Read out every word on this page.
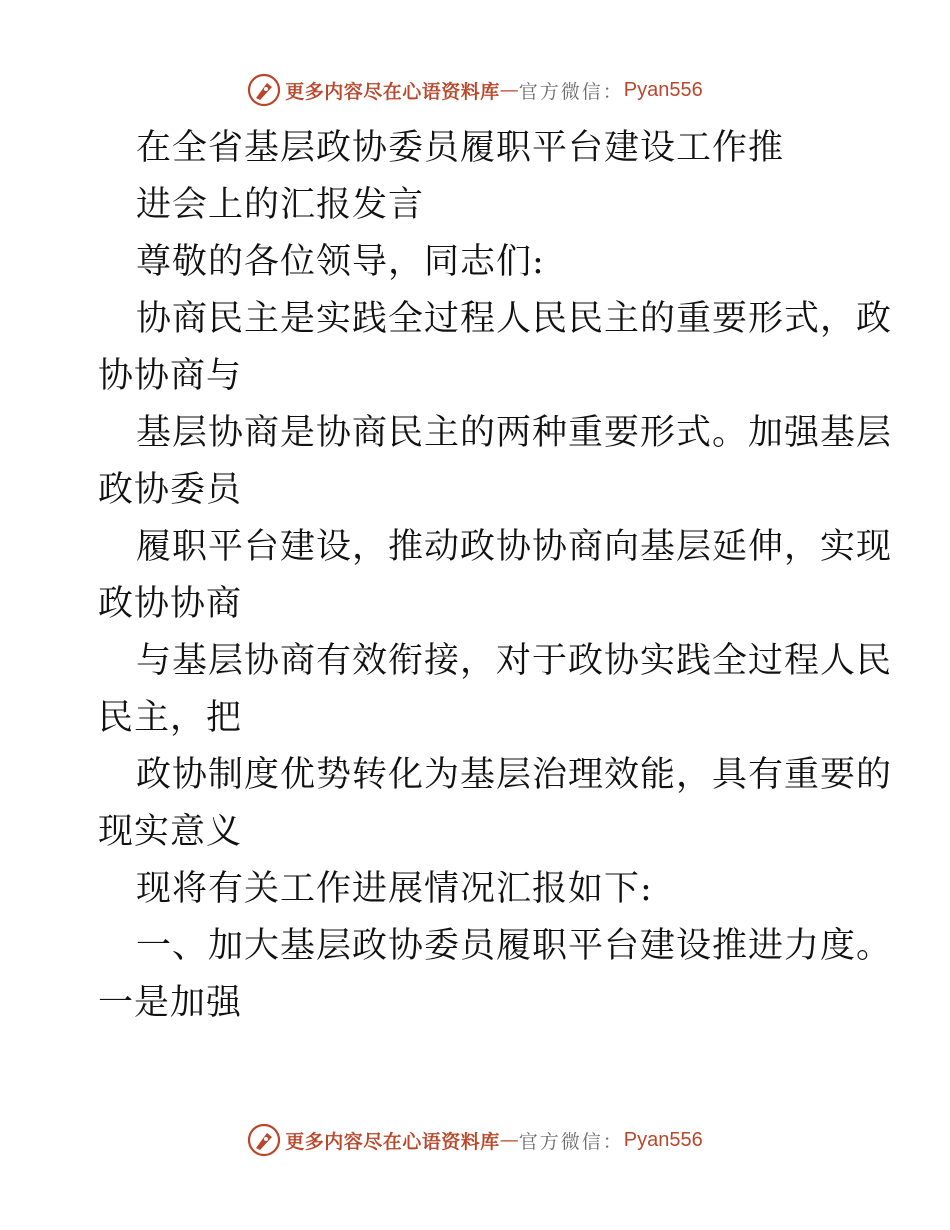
更多内容尽在心语资料库 — 官方微信： Pyan556
在全省基层政协委员履职平台建设工作推
进会上的汇报发言
尊敬的各位领导，同志们:
协商民主是实践全过程人民民主的重要形式，政
协协商与
基层协商是协商民主的两种重要形式。加强基层
政协委员
履职平台建设，推动政协协商向基层延伸，实现
政协协商
与基层协商有效衔接，对于政协实践全过程人民
民主，把
政协制度优势转化为基层治理效能，具有重要的
现实意义
现将有关工作进展情况汇报如下:
一、加大基层政协委员履职平台建设推进力度。
一是加强
更多内容尽在心语资料库 — 官方微信： Pyan556
